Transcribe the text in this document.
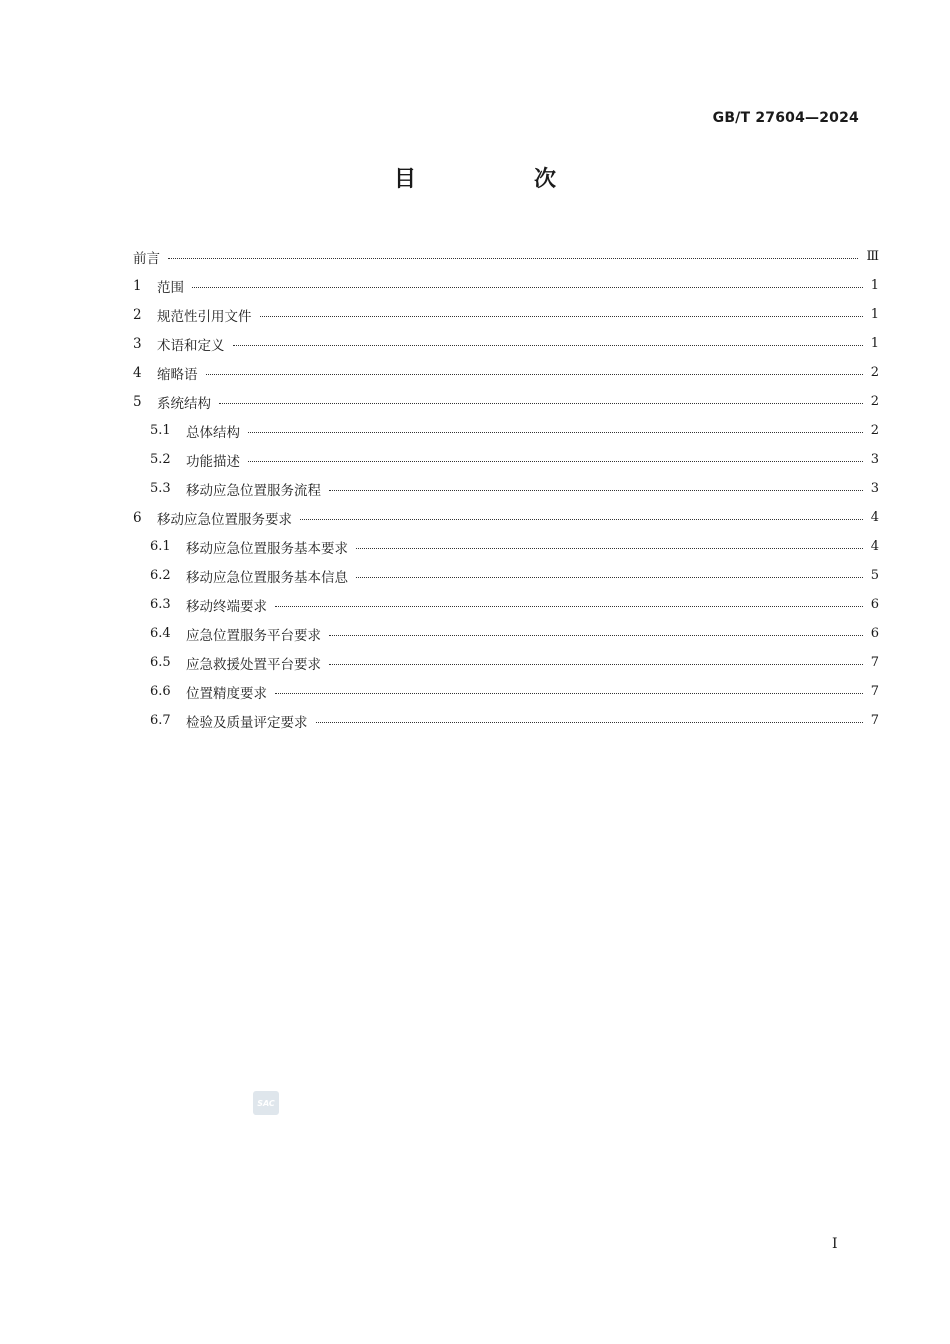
GB/T 27604—2024
目　次
前言	Ⅲ
1	范围	1
2	规范性引用文件	1
3	术语和定义	1
4	缩略语	2
5	系统结构	2
5.1	总体结构	2
5.2	功能描述	3
5.3	移动应急位置服务流程	3
6	移动应急位置服务要求	4
6.1	移动应急位置服务基本要求	4
6.2	移动应急位置服务基本信息	5
6.3	移动终端要求	6
6.4	应急位置服务平台要求	6
6.5	应急救援处置平台要求	7
6.6	位置精度要求	7
6.7	检验及质量评定要求	7
SAC
I
